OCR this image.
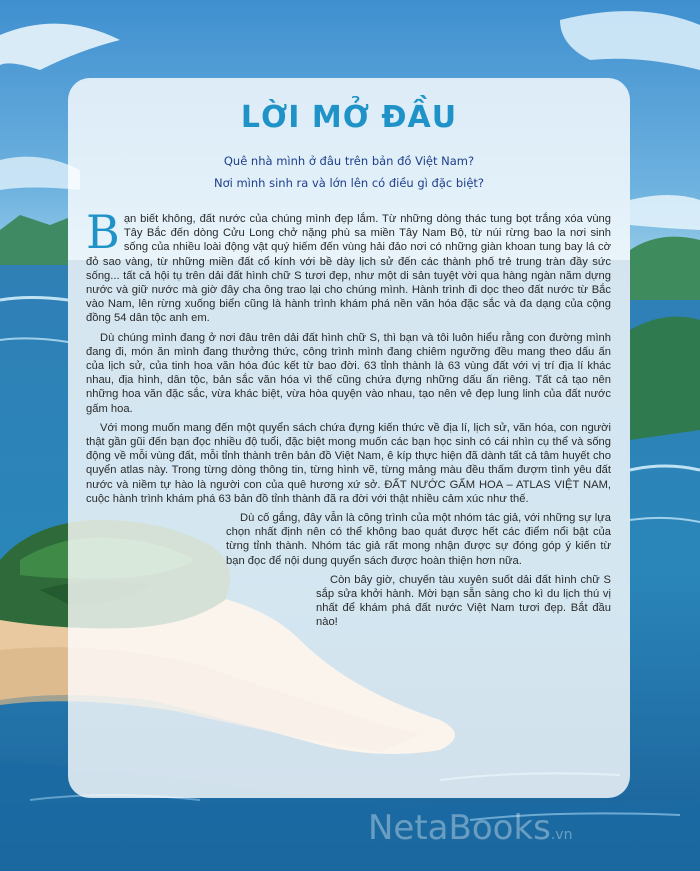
LỜI MỞ ĐẦU
Quê nhà mình ở đâu trên bản đồ Việt Nam?
Nơi mình sinh ra và lớn lên có điều gì đặc biệt?

Bạn biết không, đất nước của chúng mình đẹp lắm. Từ những dòng thác tung bọt trắng xóa vùng Tây Bắc đến dòng Cửu Long chở nặng phù sa miền Tây Nam Bộ, từ núi rừng bao la nơi sinh sống của nhiều loài động vật quý hiếm đến vùng hải đảo nơi có những giàn khoan tung bay lá cờ đỏ sao vàng, từ những miền đất cổ kính với bề dày lịch sử đến các thành phố trẻ trung tràn đầy sức sống... tất cả hội tụ trên dải đất hình chữ S tươi đẹp, như một di sản tuyệt vời qua hàng ngàn năm dựng nước và giữ nước mà giờ đây cha ông trao lại cho chúng mình. Hành trình đi dọc theo đất nước từ Bắc vào Nam, lên rừng xuống biển cũng là hành trình khám phá nền văn hóa đặc sắc và đa dạng của cộng đồng 54 dân tộc anh em.

Dù chúng mình đang ở nơi đâu trên dải đất hình chữ S, thì bạn và tôi luôn hiểu rằng con đường mình đang đi, món ăn mình đang thưởng thức, công trình mình đang chiêm ngưỡng đều mang theo dấu ấn của lịch sử, của tinh hoa văn hóa đúc kết từ bao đời. 63 tỉnh thành là 63 vùng đất với vị trí địa lí khác nhau, địa hình, dân tộc, bản sắc văn hóa vì thế cũng chứa đựng những dấu ấn riêng. Tất cả tạo nên những hoa văn đặc sắc, vừa khác biệt, vừa hòa quyện vào nhau, tạo nên vẻ đẹp lung linh của đất nước gấm hoa.

Với mong muốn mang đến một quyển sách chứa đựng kiến thức về địa lí, lịch sử, văn hóa, con người thật gần gũi đến bạn đọc nhiều độ tuổi, đặc biệt mong muốn các bạn học sinh có cái nhìn cụ thể và sống động về mỗi vùng đất, mỗi tỉnh thành trên bản đồ Việt Nam, ê kíp thực hiện đã dành tất cả tâm huyết cho quyển atlas này. Trong từng dòng thông tin, từng hình vẽ, từng mảng màu đều thấm đượm tình yêu đất nước và niềm tự hào là người con của quê hương xứ sở. ĐẤT NƯỚC GẤM HOA – ATLAS VIỆT NAM, cuộc hành trình khám phá 63 bản đồ tỉnh thành đã ra đời với thật nhiều cảm xúc như thế.

Dù cố gắng, đây vẫn là công trình của một nhóm tác giả, với những sự lựa chọn nhất định nên có thể không bao quát được hết các điểm nổi bật của từng tỉnh thành. Nhóm tác giả rất mong nhận được sự đóng góp ý kiến từ bạn đọc để nội dung quyển sách được hoàn thiện hơn nữa.

Còn bây giờ, chuyến tàu xuyên suốt dải đất hình chữ S sắp sửa khởi hành. Mời bạn sẵn sàng cho kì du lịch thú vị nhất để khám phá đất nước Việt Nam tươi đẹp. Bắt đầu nào!

NetaBooks.vn
